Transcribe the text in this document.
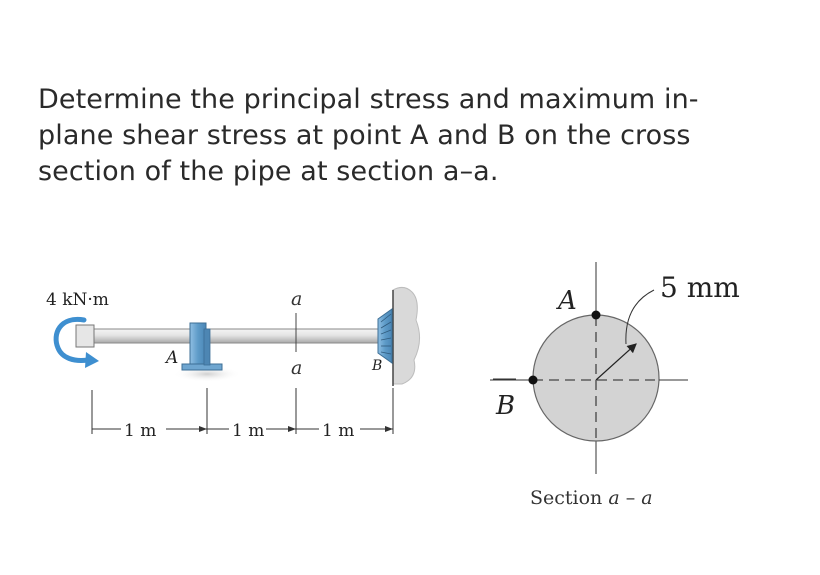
Determine the principal stress and maximum in-
plane shear stress at point A and B on the cross
section of the pipe at section a–a.

4 kN·m
A	B
a
a
1 m	1 m	1 m
A
B
5 mm
Section a – a
